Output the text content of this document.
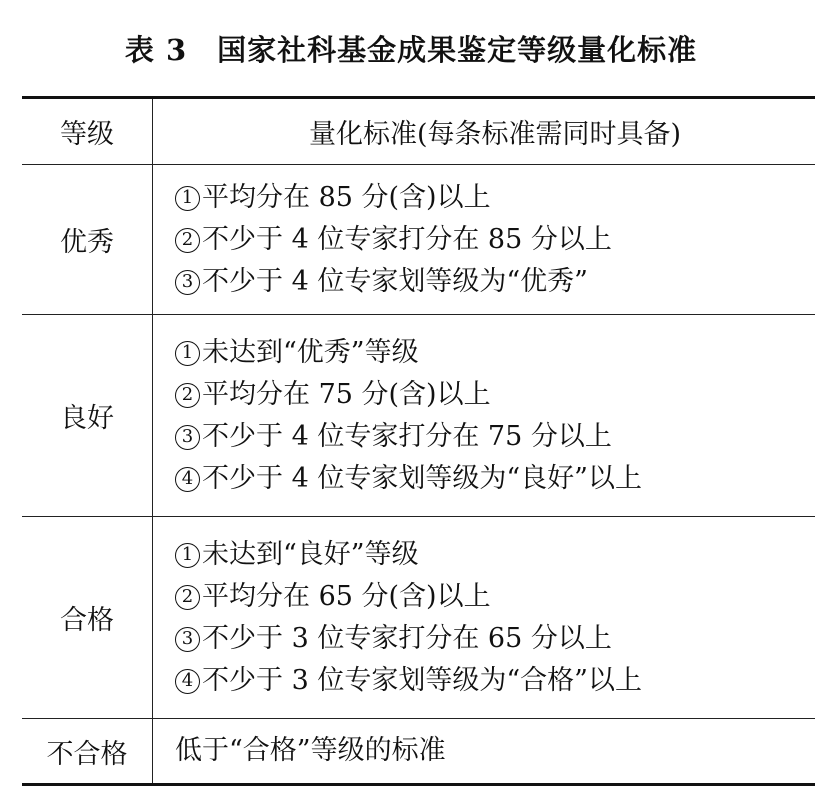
表 3 国家社科基金成果鉴定等级量化标准
等级	量化标准(每条标准需同时具备)
优秀	1 平均分在 85 分(含)以上
2 不少于 4 位专家打分在 85 分以上
3 不少于 4 位专家划等级为“优秀”

良好	1 未达到“优秀”等级
2 平均分在 75 分(含)以上
3 不少于 4 位专家打分在 75 分以上
4 不少于 4 位专家划等级为“良好”以上

合格	1 未达到“良好”等级
2 平均分在 65 分(含)以上
3 不少于 3 位专家打分在 65 分以上
4 不少于 3 位专家划等级为“合格”以上

不合格	低于“合格”等级的标准
